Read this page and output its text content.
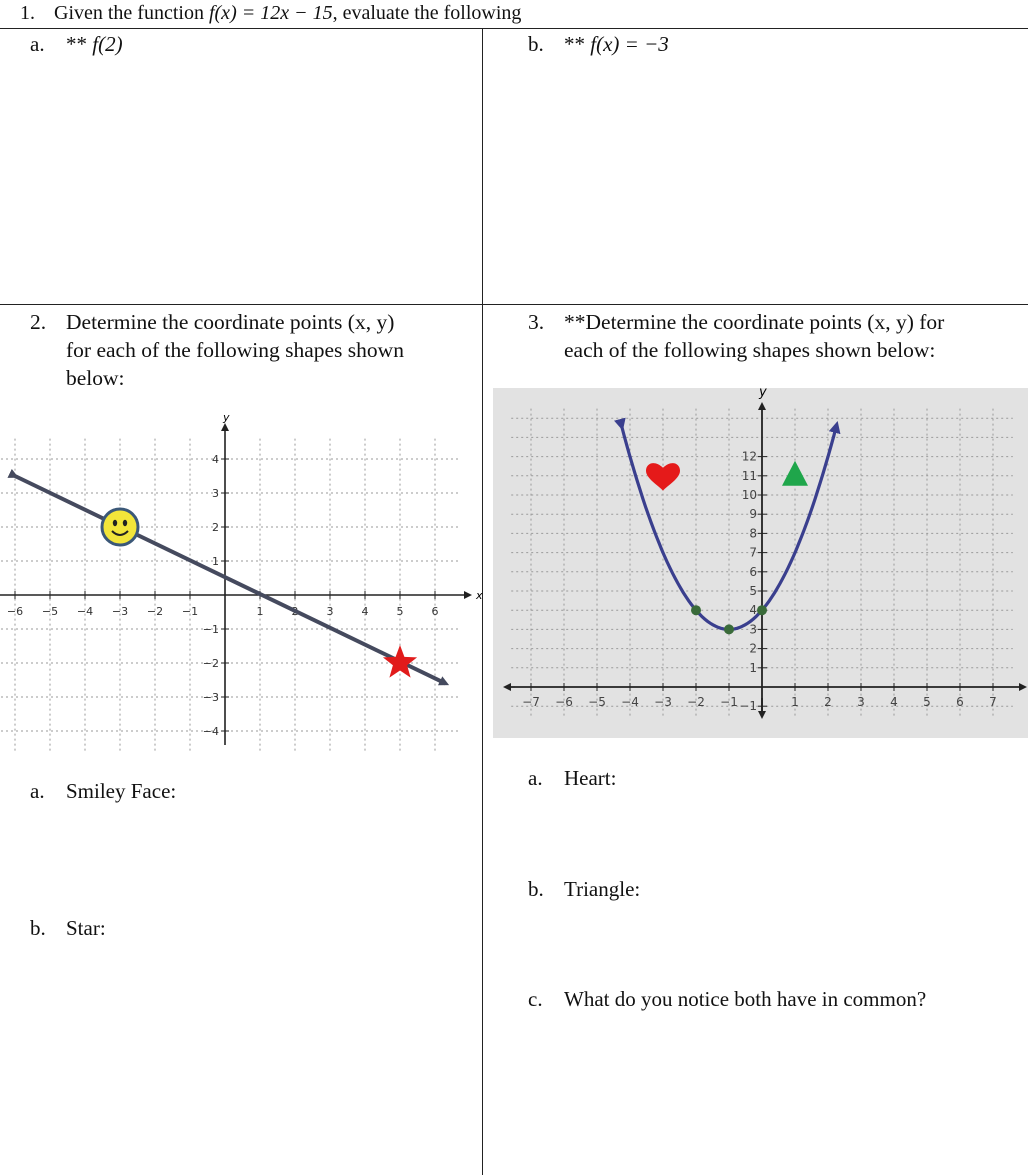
1. Given the function f(x) = 12x − 15, evaluate the following
a. ** f(2)	b. ** f(x) = −3
2. Determine the coordinate points (x, y)
for each of the following shapes shown
below:
x
y
−6 −5 −4 −3 −2 −1	1	3	4	5	6
4
3
2
1
−1
−2
−3
−4
a. Smiley Face:
b. Star:
3. **Determine the coordinate points (x, y) for
each of the following shapes shown below:
y
−7 −6 −5 −4 −3 −2 −1	1 2 3 4 5 6 7
12
11
10
9
8
7
6
5
4
3
2
1
−1
a. Heart:
b. Triangle:
c. What do you notice both have in common?
